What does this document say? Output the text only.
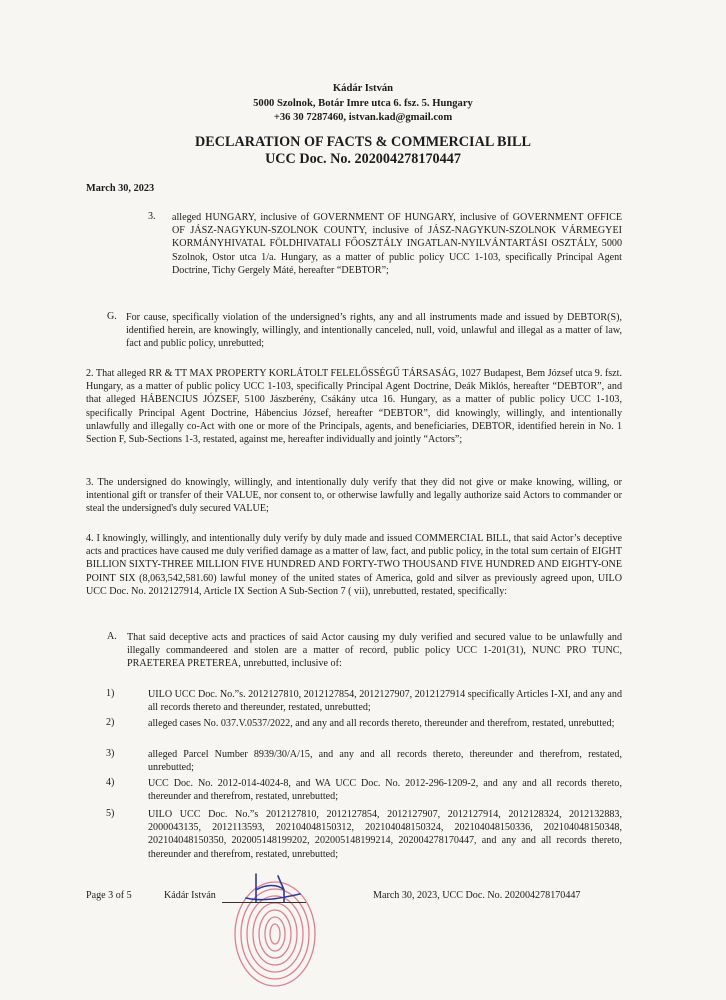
Kádár István
5000 Szolnok, Botár Imre utca 6. fsz. 5. Hungary
+36 30 7287460, istvan.kad@gmail.com
DECLARATION OF FACTS & COMMERCIAL BILL
UCC Doc. No. 202004278170447
March 30, 2023
3. alleged HUNGARY, inclusive of GOVERNMENT OF HUNGARY, inclusive of GOVERNMENT OFFICE OF JÁSZ-NAGYKUN-SZOLNOK COUNTY, inclusive of JÁSZ-NAGYKUN-SZOLNOK VÁRMEGYEI KORMÁNYHIVATAL FÖLDHIVATALI FŐOSZTÁLY INGATLAN-NYILVÁNTARTÁSI OSZTÁLY, 5000 Szolnok, Ostor utca 1/a. Hungary, as a matter of public policy UCC 1-103, specifically Principal Agent Doctrine, Tichy Gergely Máté, hereafter “DEBTOR”;
G. For cause, specifically violation of the undersigned’s rights, any and all instruments made and issued by DEBTOR(S), identified herein, are knowingly, willingly, and intentionally canceled, null, void, unlawful and illegal as a matter of law, fact and public policy, unrebutted;
2. That alleged RR & TT MAX PROPERTY KORLÁTOLT FELELŐSSÉGŰ TÁRSASÁG, 1027 Budapest, Bem József utca 9. fszt. Hungary, as a matter of public policy UCC 1-103, specifically Principal Agent Doctrine, Deák Miklós, hereafter “DEBTOR”, and that alleged HÁBENCIUS JÓZSEF, 5100 Jászberény, Csákány utca 16. Hungary, as a matter of public policy UCC 1-103, specifically Principal Agent Doctrine, Hábencius József, hereafter “DEBTOR”, did knowingly, willingly, and intentionally unlawfully and illegally co-Act with one or more of the Principals, agents, and beneficiaries, DEBTOR, identified herein in No. 1 Section F, Sub-Sections 1-3, restated, against me, hereafter individually and jointly “Actors”;
3. The undersigned do knowingly, willingly, and intentionally duly verify that they did not give or make knowing, willing, or intentional gift or transfer of their VALUE, nor consent to, or otherwise lawfully and legally authorize said Actors to commander or steal the undersigned's duly secured VALUE;
4. I knowingly, willingly, and intentionally duly verify by duly made and issued COMMERCIAL BILL, that said Actor’s deceptive acts and practices have caused me duly verified damage as a matter of law, fact, and public policy, in the total sum certain of EIGHT BILLION SIXTY-THREE MILLION FIVE HUNDRED AND FORTY-TWO THOUSAND FIVE HUNDRED AND EIGHTY-ONE POINT SIX (8,063,542,581.60) lawful money of the united states of America, gold and silver as previously agreed upon, UILO UCC Doc. No. 2012127914, Article IX Section A Sub-Section 7 ( vii), unrebutted, restated, specifically:
A. That said deceptive acts and practices of said Actor causing my duly verified and secured value to be unlawfully and illegally commandeered and stolen are a matter of record, public policy UCC 1-201(31), NUNC PRO TUNC, PRAETEREA PRETEREA, unrebutted, inclusive of:
1)	UILO UCC Doc. No.”s. 2012127810, 2012127854, 2012127907, 2012127914 specifically Articles I-XI, and any and all records thereto and thereunder, restated, unrebutted;
2)	alleged cases No. 037.V.0537/2022, and any and all records thereto, thereunder and therefrom, restated, unrebutted;
3)	alleged Parcel Number 8939/30/A/15, and any and all records thereto, thereunder and therefrom, restated, unrebutted;
4)	UCC Doc. No. 2012-014-4024-8, and WA UCC Doc. No. 2012-296-1209-2, and any and all records thereto, thereunder and therefrom, restated, unrebutted;
5)	UILO UCC Doc. No.”s 2012127810, 2012127854, 2012127907, 2012127914, 2012128324, 2012132883, 2000043135, 2012113593, 202104048150312, 202104048150324, 202104048150336, 202104048150348, 202104048150350, 202005148199202, 202005148199214, 202004278170447, and any and all records thereto, thereunder and therefrom, restated, unrebutted;
Page 3 of 5	Kádár István	March 30, 2023, UCC Doc. No. 202004278170447
